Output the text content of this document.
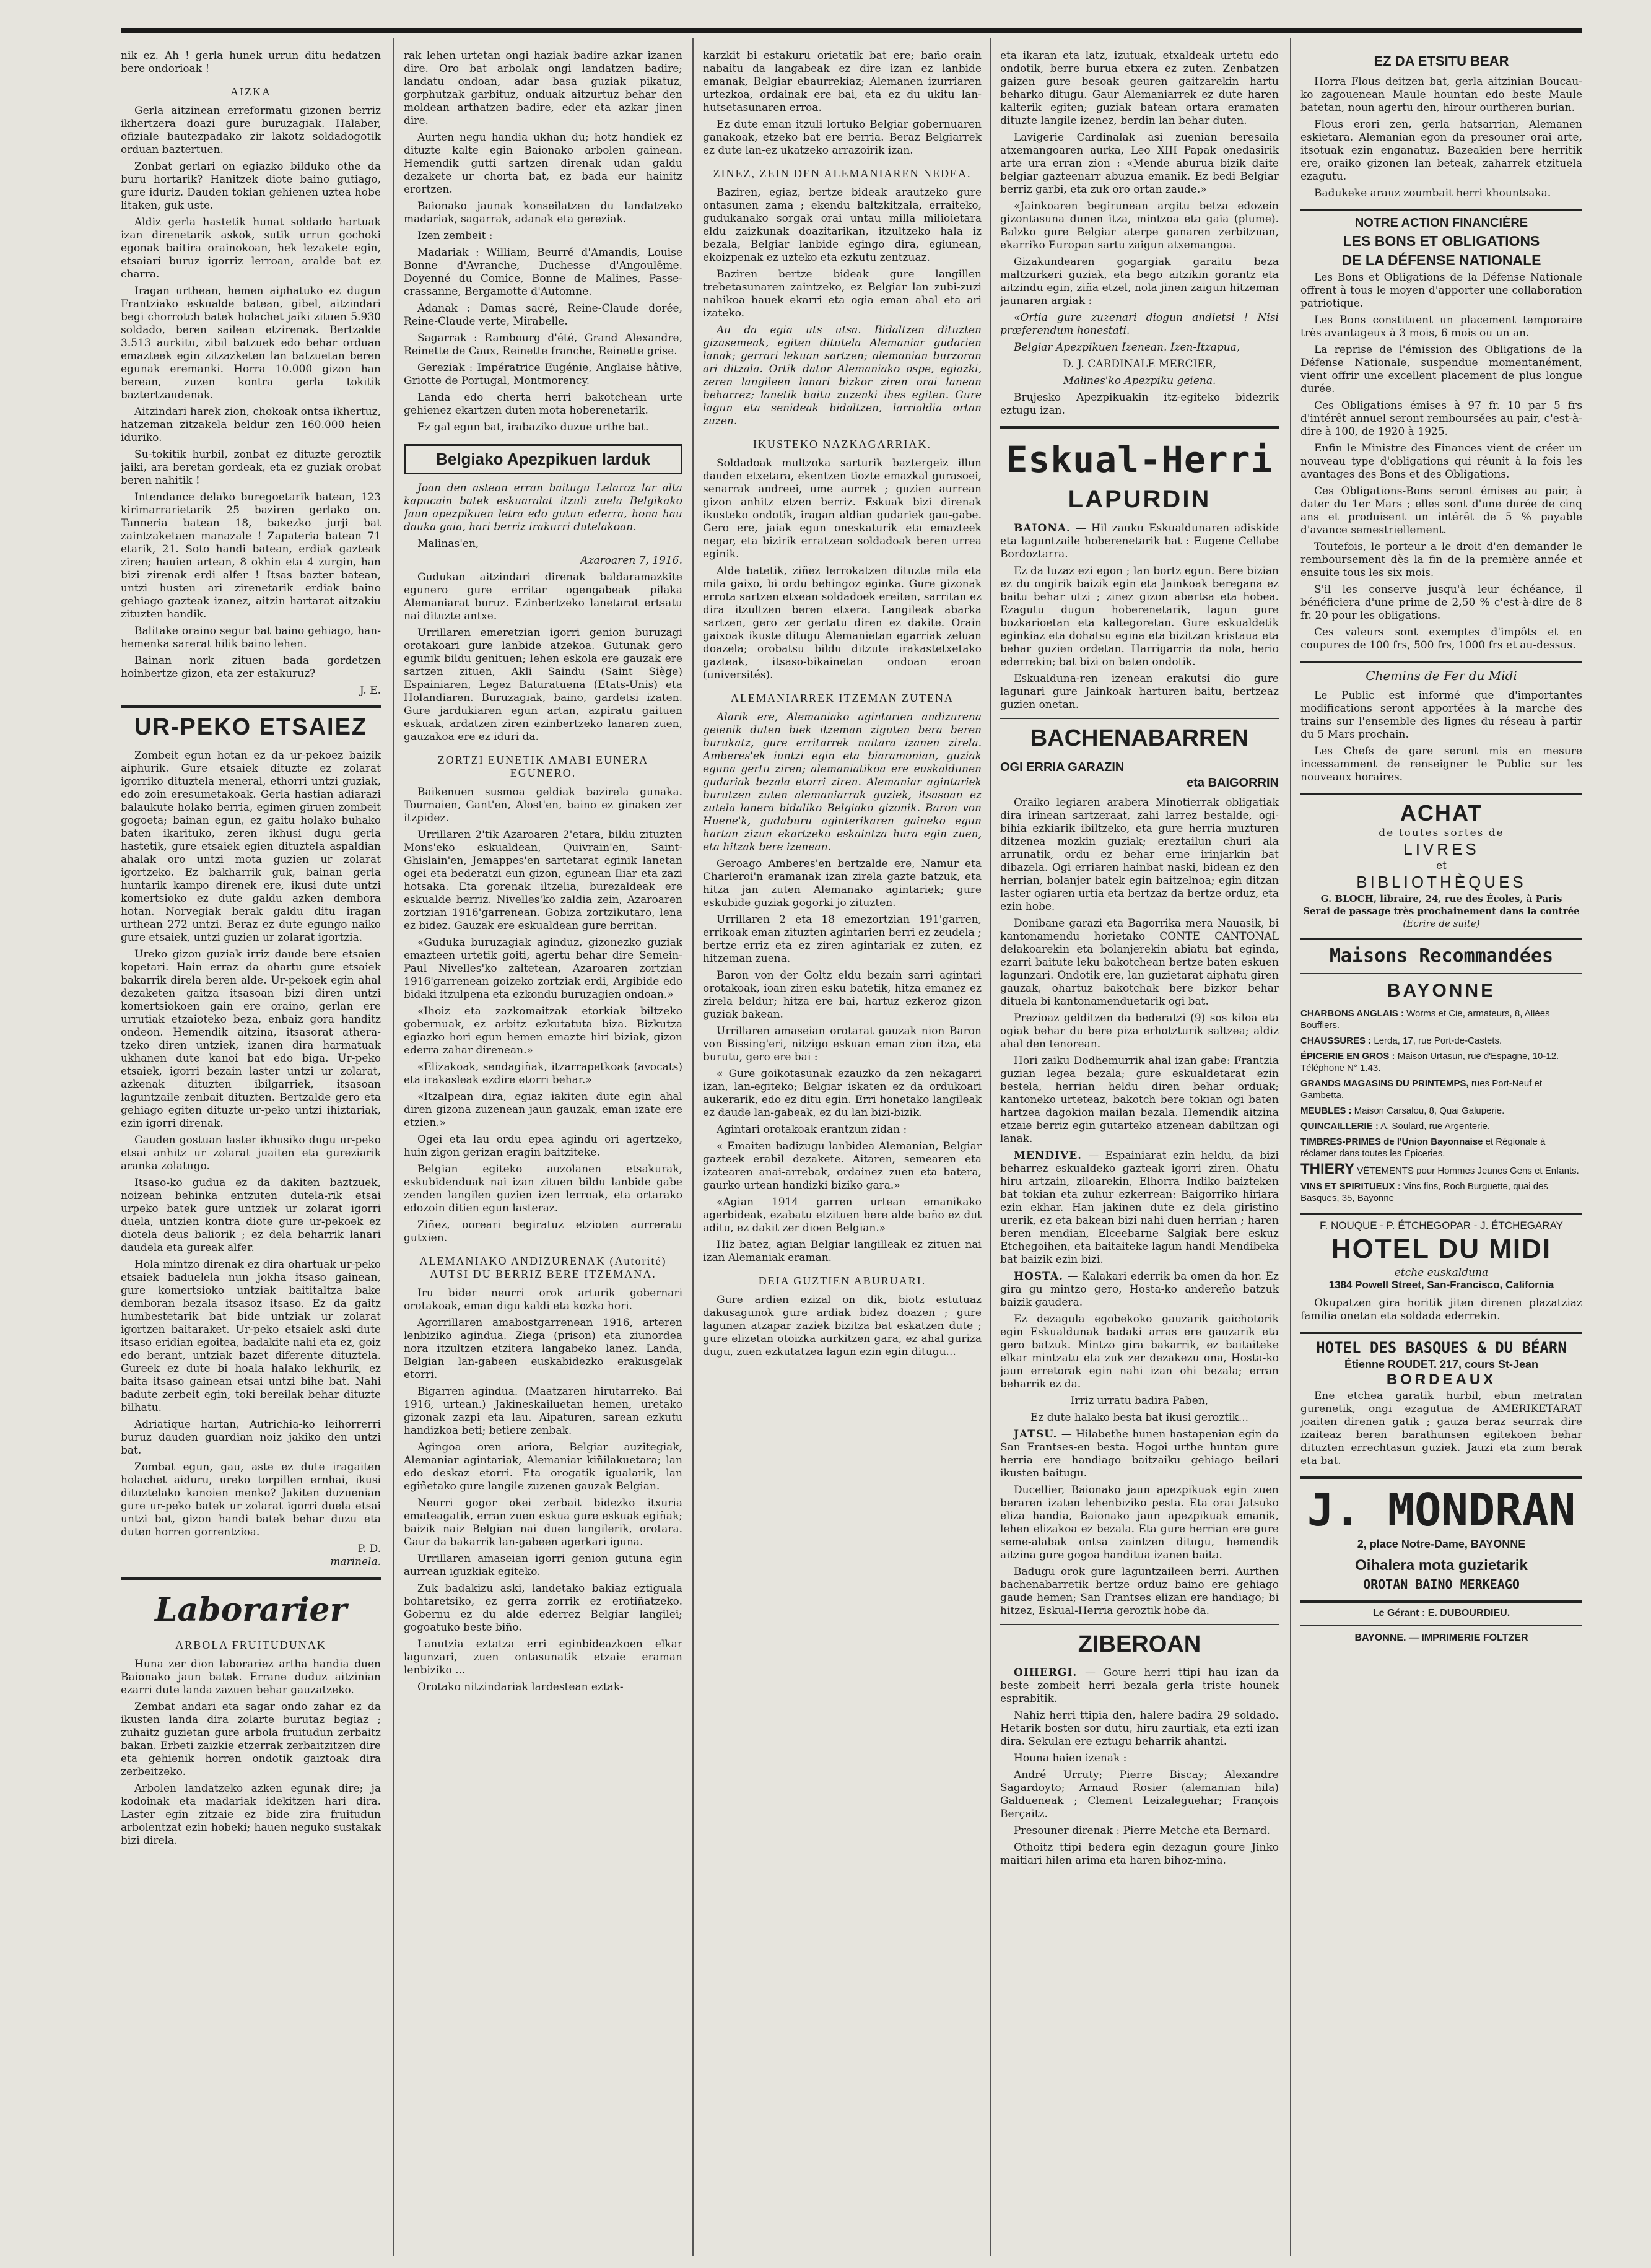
nik ez. Ah ! gerla hunek urrun ditu hedatzen bere ondorioak !

AIZKA

Gerla aitzinean erreformatu gizonen berriz ikhertzera doazi gure buruzagiak. Halaber, ofiziale bautezpadako zir lakotz soldadogotik orduan baztertuen.

Zonbat gerlari on egiazko bilduko othe da buru hortarik? Hanitzek diote baino gutiago, gure iduriz. Dauden tokian gehienen uztea hobe litaken, guk uste.

Aldiz gerla hastetik hunat soldado hartuak izan direnetarik askok, sutik urrun gochoki egonak baitira orainokoan, hek lezakete egin, etsaiari buruz igorriz lerroan, aralde bat ez charra.

Iragan urthean, hemen aiphatuko ez dugun Frantziako eskualde batean, gibel, aitzindari begi chorrotch batek holachet jaiki zituen 5.930 soldado, beren sailean etzirenak. Bertzalde 3.513 aurkitu, zibil batzuek edo behar orduan emazteek egin zitzazketen lan batzuetan beren egunak eremanki. Horra 10.000 gizon han berean, zuzen kontra gerla tokitik baztertzaudenak.

Aitzindari harek zion, chokoak ontsa ikhertuz, hatzeman zitzakela beldur zen 160.000 heien iduriko.

Su-tokitik hurbil, zonbat ez dituzte geroztik jaiki, ara beretan gordeak, eta ez guziak orobat beren nahitik !

Intendance delako buregoetarik batean, 123 kirimarrarietarik 25 baziren gerlako on. Tanneria batean 18, bakezko jurji bat zaintzaketaen manazale ! Zapateria batean 71 etarik, 21. Soto handi batean, erdiak gazteak ziren; hauien artean, 8 okhin eta 4 zurgin, han bizi zirenak erdi alfer ! Itsas bazter batean, untzi husten ari zirenetarik erdiak baino gehiago gazteak izanez, aitzin hartarat aitzakiu zituzten handik.

Balitake oraino segur bat baino gehiago, han-hemenka sarerat hilik baino lehen.

Bainan nork zituen bada gordetzen hoinbertze gizon, eta zer estakuruz?

J. E.
UR-PEKO ETSAIEZ

Zombeit egun hotan ez da ur-pekoez baizik aiphurik. Gure etsaiek dituzte ez zolarat igorriko dituztela meneral, ethorri untzi guziak, edo zoin eresumetakoak. Gerla hastian adiarazi balaukute holako berria, egimen giruen zombeit gogoeta; bainan egun, ez gaitu holako buhako baten ikarituko, zeren ikhusi dugu gerla hastetik, gure etsaiek egien dituztela aspaldian ahalak oro untzi mota guzien ur zolarat igortzeko. Ez bakharrik guk, bainan gerla huntarik kampo direnek ere, ikusi dute untzi komertsioko ez dute galdu azken dembora hotan. Norvegiak berak galdu ditu iragan urthean 272 untzi. Beraz ez dute egungo naiko gure etsaiek, untzi guzien ur zolarat igortzia.

Ureko gizon guziak irriz daude bere etsaien kopetari. Hain erraz da ohartu gure etsaiek bakarrik direla beren alde. Ur-pekoek egin ahal dezaketen gaitza itsasoan bizi diren untzi komertsiokoen gain ere oraino, gerlan ere urrutiak etzaioteko beza, enbaiz gora handitz ondeon. Hemendik aitzina, itsasorat athera-tzeko diren untziek, izanen dira harmatuak ukhanen dute kanoi bat edo biga. Ur-peko etsaiek, igorri bezain laster untzi ur zolarat, azkenak dituzten ibilgarriek, itsasoan laguntzaile zenbait dituzten. Bertzalde gero eta gehiago egiten dituzte ur-peko untzi ihiztariak, ezin igorri direnak.

Gauden gostuan laster ikhusiko dugu ur-peko etsai anhitz ur zolarat juaiten eta gureziarik aranka zolatugo.

Itsaso-ko gudua ez da dakiten baztzuek, noizean behinka entzuten dutela-rik etsai urpeko batek gure untziek ur zolarat igorri duela, untzien kontra diote gure ur-pekoek ez diotela deus baliorik ; ez dela beharrik lanari daudela eta gureak alfer.

Hola mintzo direnak ez dira ohartuak ur-peko etsaiek baduelela nun jokha itsaso gainean, gure komertsioko untziak baititaltza bake demboran bezala itsasoz itsaso. Ez da gaitz humbestetarik bat bide untziak ur zolarat igortzen baitaraket. Ur-peko etsaiek aski dute itsaso eridian egoitea, badakite nahi eta ez, goiz edo berant, untziak bazet diferente dituztela. Gureek ez dute bi hoala halako lekhurik, ez baita itsaso gainean etsai untzi bihe bat. Nahi badute zerbeit egin, toki bereilak behar dituzte bilhatu.

Adriatique hartan, Autrichia-ko leihorrerri buruz dauden guardian noiz jakiko den untzi bat.

Zombat egun, gau, aste ez dute iragaiten holachet aiduru, ureko torpillen ernhai, ikusi dituztelako kanoien menko? Jakiten duzuenian gure ur-peko batek ur zolarat igorri duela etsai untzi bat, gizon handi batek behar duzu eta duten horren gorrentzioa.

P. D.
marinela.
Laborarier
ARBOLA FRUITUDUNAK

Huna zer dion laborariez artha handia duen Baionako jaun batek. Errane duduz aitzinian ezarri dute landa zazuen behar gauzatzeko.

Zembat andari eta sagar ondo zahar ez da ikusten landa dira zolarte burutaz begiaz ; zuhaitz guzietan gure arbola fruitudun zerbaitz bakan. Erbeti zaizkie etzerrak zerbaitzitzen dire eta gehienik horren ondotik gaiztoak dira zerbeitzeko.

Arbolen landatzeko azken egunak dire; ja kodoinak eta madariak idekitzen hari dira. Laster egin zitzaie ez bide zira fruitudun arbolentzat ezin hobeki; hauen neguko sustakak bizi direla.

rak lehen urtetan ongi haziak badire azkar izanen dire. Oro bat arbolak ongi landatzen badire; landatu ondoan, adar basa guziak pikatuz, gorphutzak garbituz, onduak aitzurtuz behar den moldean arthatzen badire, eder eta azkar jinen dire.

Aurten negu handia ukhan du; hotz handiek ez dituzte kalte egin Baionako arbolen gainean. Hemendik gutti sartzen direnak udan galdu dezakete ur chorta bat, ez bada eur hainitz erortzen.

Baionako jaunak konseilatzen du landatzeko madariak, sagarrak, adanak eta gereziak.

Izen zembeit :

Madariak : William, Beurré d'Amandis, Louise Bonne d'Avranche, Duchesse d'Angoulême. Doyenné du Comice, Bonne de Malines, Passe-crassanne, Bergamotte d'Automne.

Adanak : Damas sacré, Reine-Claude dorée, Reine-Claude verte, Mirabelle.

Sagarrak : Rambourg d'été, Grand Alexandre, Reinette de Caux, Reinette franche, Reinette grise.

Gereziak : Impératrice Eugénie, Anglaise hâtive, Griotte de Portugal, Montmorency.

Landa edo cherta herri bakotchean urte gehienez ekartzen duten mota hoberenetarik.

Ez gal egun bat, irabaziko duzue urthe bat.

Belgiako Apezpikuen larduk

Joan den astean erran baitugu Lelaroz lar alta kapucain batek eskuaralat itzuli zuela Belgikako Jaun apezpikuen letra edo gutun ederra, hona hau dauka gaia, hari berriz irakurri dutelakoan.

Malinas'en,

Azaroaren 7, 1916.

Gudukan aitzindari direnak baldaramazkite egunero gure erritar ogengabeak pilaka Alemaniarat buruz. Ezinbertzeko lanetarat ertsatu nai dituzte antxe.

Urrillaren emeretzian igorri genion buruzagi orotakoari gure lanbide atzekoa. Gutunak gero egunik bildu genituen; lehen eskola ere gauzak ere sartzen zituen, Akli Saindu (Saint Siège) Espainiaren, Legez Baturatuena (Etats-Unis) eta Holandiaren. Buruzagiak, baino, gardetsi izaten. Gure jardukiaren egun artan, azpiratu gaituen eskuak, ardatzen ziren ezinbertzeko lanaren zuen, gauzakoa ere ez iduri da.

ZORTZI EUNETIK AMABI EUNERA EGUNERO.

Baikenuen susmoa geldiak bazirela gunaka. Tournaien, Gant'en, Alost'en, baino ez ginaken zer itzpidez.

Urrillaren 2'tik Azaroaren 2'etara, bildu zituzten Mons'eko eskualdean, Quivrain'en, Saint-Ghislain'en, Jemappes'en sartetarat eginik lanetan ogei eta bederatzi eun gizon, egunean Iliar eta zazi hotsaka. Eta gorenak iltzelia, burezaldeak ere eskualde berriz. Nivelles'ko zaldia zein, Azaroaren zortzian 1916'garrenean. Gobiza zortzikutaro, lena ez bidez. Gauzak ere eskualdean gure berritan.

«Guduka buruzagiak aginduz, gizonezko guziak emazteen urtetik goiti, agertu behar dire Semein-Paul Nivelles'ko zaltetean, Azaroaren zortzian 1916'garrenean goizeko zortziak erdi, Argibide edo bidaki itzulpena eta ezkondu buruzagien ondoan.»

«Ihoiz eta zazkomaitzak etorkiak biltzeko gobernuak, ez arbitz ezkutatuta biza. Bizkutza egiazko hori egun hemen emazte hiri biziak, gizon ederra zahar direnean.»

«Elizakoak, sendagiñak, itzarrapetkoak (avocats) eta irakasleak ezdire etorri behar.»

«Itzalpean dira, egiaz iakiten dute egin ahal diren gizona zuzenean jaun gauzak, eman izate ere etzien.»

Ogei eta lau ordu epea agindu ori agertzeko, huin zigon gerizan eragin baitziteke.

Belgian egiteko auzolanen etsakurak, eskubidenduak nai izan zituen bildu lanbide gabe zenden langilen guzien izen lerroak, eta ortarako edozoin ditien egun lasteraz.

Ziñez, ooreari begiratuz etzioten aurreratu gutxien.

ALEMANIAKO ANDIZURENAK (Autorité) AUTSI DU BERRIZ BERE ITZEMANA.

Iru bider neurri orok arturik gobernari orotakoak, eman digu kaldi eta kozka hori.

Agorrillaren amabostgarrenean 1916, arteren lenbiziko agindua. Ziega (prison) eta ziunordea nora itzultzen etzitera langabeko lanez. Landa, Belgian lan-gabeen euskabidezko erakusgelak etorri.

Bigarren agindua. (Maatzaren hirutarreko. Bai 1916, urtean.) Jakineskailuetan hemen, uretako gizonak zazpi eta lau. Aipaturen, sarean ezkutu handizkoa beti; betiere zenbak.

Agingoa oren ariora, Belgiar auzitegiak, Alemaniar agintariak, Alemaniar kiñilakuetara; lan edo deskaz etorri. Eta orogatik igualarik, lan egiñetako gure langile zuzenen gauzak Belgian.

Neurri gogor okei zerbait bidezko itxuria emateagatik, erran zuen eskua gure eskuak egiñak; baizik naiz Belgian nai duen langilerik, orotara. Gaur da bakarrik lan-gabeen agerkari iguna.

Urrillaren amaseian igorri genion gutuna egin aurrean iguzkiak egiteko.

Zuk badakizu aski, landetako bakiaz eztiguala bohtaretsiko, ez gerra zorrik ez erotiñatzeko. Gobernu ez du alde ederrez Belgiar langilei; gogoatuko beste biño.

Lanutzia eztatza erri eginbideazkoen elkar lagunzari, zuen ontasunatik etzaie eraman lenbiziko ...

Orotako nitzindariak lardestean eztak-

karzkit bi estakuru orietatik bat ere; baño orain nabaitu da langabeak ez dire izan ez lanbide emanak, Belgiar ebaurrekiaz; Alemanen izurriaren urtezkoa, ordainak ere bai, eta ez du ukitu lan-hutsetasunaren erroa.

Ez dute eman itzuli lortuko Belgiar gobernuaren ganakoak, etzeko bat ere berria. Beraz Belgiarrek ez dute lan-ez ukatzeko arrazoirik izan.

ZINEZ, ZEIN DEN ALEMANIAREN NEDEA.

Baziren, egiaz, bertze bideak arautzeko gure ontasunen zama ; ekendu baltzkitzala, erraiteko, gudukanako sorgak orai untau milla milioietara eldu zaizkunak doazitarikan, itzultzeko hala iz bezala, Belgiar lanbide egingo dira, egiunean, ekoizpenak ez uzteko eta ezkutu zentzuaz.

Baziren bertze bideak gure langillen trebetasunaren zaintzeko, ez Belgiar lan zubi-zuzi nahikoa hauek ekarri eta ogia eman ahal eta ari izateko.

Au da egia uts utsa. Bidaltzen dituzten gizasemeak, egiten ditutela Alemaniar gudarien lanak; gerrari lekuan sartzen; alemanian burzoran ari ditzala. Ortik dator Alemaniako ospe, egiazki, zeren langileen lanari bizkor ziren orai lanean beharrez; lanetik baitu zuzenki ihes egiten. Gure lagun eta senideak bidaltzen, larrialdia ortan zuzen.

IKUSTEKO NAZKAGARRIAK.

Soldadoak multzoka sarturik baztergeiz illun dauden etxetara, ekentzen tiozte emazkal gurasoei, senarrak andreei, ume aurrek ; guzien aurrean gizon anhitz etzen berriz. Eskuak bizi direnak ikusteko ondotik, iragan aldian gudariek gau-gabe. Gero ere, jaiak egun oneskaturik eta emazteek negar, eta bizirik erratzean soldadoak beren urrea eginik.

Alde batetik, ziñez lerrokatzen dituzte mila eta mila gaixo, bi ordu behingoz eginka. Gure gizonak errota sartzen etxean soldadoek ereiten, sarritan ez dira itzultzen beren etxera. Langileak abarka sartzen, gero zer gertatu diren ez dakite. Orain gaixoak ikuste ditugu Alemanietan egarriak zeluan doazela; orobatsu bildu ditzute irakastetxetako gazteak, itsaso-bikainetan ondoan eroan (universités).

ALEMANIARREK ITZEMAN ZUTENA

Alarik ere, Alemaniako agintarien andizurena geienik duten biek itzeman ziguten bera beren burukatz, gure erritarrek naitara izanen zirela. Amberes'ek iuntzi egin eta biaramonian, guziak eguna gertu ziren; alemaniatikoa ere euskaldunen gudariak bezala etorri ziren. Alemaniar agintariek burutzen zuten alemaniarrak guziek, itsasoan ez zutela lanera bidaliko Belgiako gizonik. Baron von Huene'k, gudaburu aginterikaren gaineko egun hartan zizun ekartzeko eskaintza hura egin zuen, eta hitzak bere izenean.

Geroago Amberes'en bertzalde ere, Namur eta Charleroi'n eramanak izan zirela gazte batzuk, eta hitza jan zuten Alemanako agintariek; gure eskubide guziak gogorki jo zituzten.

Urrillaren 2 eta 18 emezortzian 191'garren, errikoak eman zituzten agintarien berri ez zeudela ; bertze erriz eta ez ziren agintariak ez zuten, ez hitzeman zuena.

Baron von der Goltz eldu bezain sarri agintari orotakoak, ioan ziren esku batetik, hitza emanez ez zirela beldur; hitza ere bai, hartuz ezkeroz gizon guziak bakean.

Urrillaren amaseian orotarat gauzak nion Baron von Bissing'eri, nitzigo eskuan eman zion itza, eta burutu, gero ere bai :

« Gure goikotasunak ezauzko da zen nekagarri izan, lan-egiteko; Belgiar iskaten ez da ordukoari aukerarik, edo ez ditu egin. Erri honetako langileak ez daude lan-gabeak, ez du lan bizi-bizik.

Agintari orotakoak erantzun zidan :

« Emaiten badizugu lanbidea Alemanian, Belgiar gazteek erabil dezakete. Aitaren, semearen eta izatearen anai-arrebak, ordainez zuen eta batera, gaurko urtean handizki biziko gara.»

«Agian 1914 garren urtean emanikako agerbideak, ezabatu etzituen bere alde baño ez dut aditu, ez dakit zer dioen Belgian.»

Hiz batez, agian Belgiar langilleak ez zituen nai izan Alemaniak eraman.

DEIA GUZTIEN ABURUARI.

Gure ardien ezizal on dik, biotz estutuaz dakusagunok gure ardiak bidez doazen ; gure lagunen atzapar zaziek bizitza bat eskatzen dute ; gure elizetan otoizka aurkitzen gara, ez ahal guriza dugu, zuen ezkutatzea lagun ezin egin ditugu...

eta ikaran eta latz, izutuak, etxaldeak urtetu edo ondotik, berre burua etxera ez zuten. Zenbatzen gaizen gure besoak geuren gaitzarekin hartu beharko ditugu. Gaur Alemaniarrek ez dute haren kalterik egiten; guziak batean ortara eramaten dituzte langile izenez, berdin lan behar duten.

Lavigerie Cardinalak asi zuenian beresaila atxemangoaren aurka, Leo XIII Papak onedasirik arte ura erran zion : «Mende aburua bizik daite belgiar gazteenarr abuzua emanik. Ez bedi Belgiar berriz garbi, eta zuk oro ortan zaude.»

«Jainkoaren begirunean argitu betza edozein gizontasuna dunen itza, mintzoa eta gaia (plume). Balzko gure Belgiar aterpe ganaren zerbitzuan, ekarriko Europan sartu zaigun atxemangoa.

Gizakundearen gogargiak garaitu beza maltzurkeri guziak, eta bego aitzikin gorantz eta aitzindu egin, ziña etzel, nola jinen zaigun hitzeman jaunaren argiak :

«Ortia gure zuzenari diogun andietsi ! Nisi præferendum honestati.

Belgiar Apezpikuen Izenean. Izen-Itzapua,

D. J. CARDINALE MERCIER,

Malines'ko Apezpiku geiena.

Brujesko Apezpikuakin itz-egiteko bidezrik eztugu izan.

Eskual-Herri
LAPURDIN

BAIONA. — Hil zauku Eskualdunaren adiskide eta laguntzaile hoberenetarik bat : Eugene Cellabe Bordoztarra.

Ez da luzaz ezi egon ; lan bortz egun. Bere bizian ez du ongirik baizik egin eta Jainkoak beregana ez baitu behar utzi ; zinez gizon abertsa eta hobea. Ezagutu dugun hoberenetarik, lagun gure bozkarioetan eta kaltegoretan. Gure eskualdetik eginkiaz eta dohatsu egina eta bizitzan kristaua eta behar guzien ordetan. Harrigarria da nola, herio ederrekin; bat bizi on baten ondotik.

Eskualduna-ren izenean erakutsi dio gure lagunari gure Jainkoak harturen baitu, bertzeaz guzien onetan.

BACHENABARREN
OGI ERRIA GARAZIN
eta BAIGORRIN

Oraiko legiaren arabera Minotierrak obligatiak dira irinean sartzeraat, zahi larrez bestalde, ogi-bihia ezkiarik ibiltzeko, eta gure herria muzturen ditzenea mozkin guziak; ereztailun churi ala arrunatik, ordu ez behar erne irinjarkin bat dibazela. Ogi erriaren hainbat naski, bidean ez den herrian, bolanjer batek egin baitzelnoa; egin ditzan laster ogiaren urtia eta bertzaz da bertze orduz, eta ezin hobe.

Donibane garazi eta Bagorrika mera Nauasik, bi kantonamendu horietako CONTE CANTONAL delakoarekin eta bolanjerekin abiatu bat eginda, ezarri baitute leku bakotchean bertze baten eskuen lagunzari. Ondotik ere, lan guzietarat aiphatu giren gauzak, ohartuz bakotchak bere bizkor behar dituela bi kantonamenduetarik ogi bat.

Prezioaz gelditzen da bederatzi (9) sos kiloa eta ogiak behar du bere piza erhotzturik saltzea; aldiz ahal den tenorean.

Hori zaiku Dodhemurrik ahal izan gabe: Frantzia guzian legea bezala; gure eskualdetarat ezin bestela, herrian heldu diren behar orduak; kantoneko urteteaz, bakotch bere tokian ogi baten hartzea dagokion mailan bezala. Hemendik aitzina etzaie berriz egin gutarteko atzenean dabiltzan ogi lanak.

MENDIVE. — Espainiarat ezin heldu, da bizi beharrez eskualdeko gazteak igorri ziren. Ohatu hiru artzain, ziloarekin, Elhorra Indiko baizteken bat tokian eta zuhur ezkerrean: Baigorriko hiriara ezin ekhar. Han jakinen dute ez dela giristino urerik, ez eta bakean bizi nahi duen herrian ; haren beren mendian, Elceebarne Salgiak bere eskuz Etchegoihen, eta baitaiteke lagun handi Mendibeka bat baizik ezin bizi.

HOSTA. — Kalakari ederrik ba omen da hor. Ez gira gu mintzo gero, Hosta-ko andereño batzuk baizik gaudera.

Ez dezagula egobekoko gauzarik gaichotorik egin Eskualdunak badaki arras ere gauzarik eta gero batzuk. Mintzo gira bakarrik, ez baitaiteke elkar mintzatu eta zuk zer dezakezu ona, Hosta-ko jaun erretorak egin nahi izan ohi bezala; erran beharrik ez da.

Irriz urratu badira Paben,

Ez dute halako besta bat ikusi geroztik...

JATSU. — Hilabethe hunen hastapenian egin da San Frantses-en besta. Hogoi urthe huntan gure herria ere handiago baitzaiku gehiago beilari ikusten baitugu.

Ducellier, Baionako jaun apezpikuak egin zuen beraren izaten lehenbiziko pesta. Eta orai Jatsuko eliza handia, Baionako jaun apezpikuak emanik, lehen elizakoa ez bezala. Eta gure herrian ere gure seme-alabak ontsa zaintzen ditugu, hemendik aitzina gure gogoa handitua izanen baita.

Badugu orok gure laguntzaileen berri. Aurthen bachenabarretik bertze orduz baino ere gehiago gaude hemen; San Frantses elizan ere handiago; bi hitzez, Eskual-Herria geroztik hobe da.

ZIBEROAN

OIHERGI. — Goure herri ttipi hau izan da beste zombeit herri bezala gerla triste hounek esprabitik.

Nahiz herri ttipia den, halere badira 29 soldado. Hetarik bosten sor dutu, hiru zaurtiak, eta ezti izan dira. Sekulan ere eztugu beharrik ahantzi.

Houna haien izenak :

André Urruty; Pierre Biscay; Alexandre Sagardoyto; Arnaud Rosier (alemanian hila) Galdueneak ; Clement Leizaleguehar; François Berçaitz.

Presouner direnak : Pierre Metche eta Bernard.

Othoitz ttipi bedera egin dezagun goure Jinko maitiari hilen arima eta haren bihoz-mina.

EZ DA ETSITU BEAR

Horra Flous deitzen bat, gerla aitzinian Boucau-ko zagouenean Maule hountan edo beste Maule batetan, noun agertu den, hirour ourtheren burian.

Flous erori zen, gerla hatsarrian, Alemanen eskietara. Alemanian egon da presouner orai arte, itsotuak ezin enganatuz. Bazeakien bere herritik ere, oraiko gizonen lan beteak, zaharrek etzituela ezagutu.

Badukeke arauz zoumbait herri khountsaka.

NOTRE ACTION FINANCIÈRE
LES BONS ET OBLIGATIONS
DE LA DÉFENSE NATIONALE

Les Bons et Obligations de la Défense Nationale offrent à tous le moyen d'apporter une collaboration patriotique.

Les Bons constituent un placement temporaire très avantageux à 3 mois, 6 mois ou un an.

La reprise de l'émission des Obligations de la Défense Nationale, suspendue momentanément, vient offrir une excellent placement de plus longue durée.

Ces Obligations émises à 97 fr. 10 par 5 frs d'intérêt annuel seront remboursées au pair, c'est-à-dire à 100, de 1920 à 1925.

Enfin le Ministre des Finances vient de créer un nouveau type d'obligations qui réunit à la fois les avantages des Bons et des Obligations.

Ces Obligations-Bons seront émises au pair, à dater du 1er Mars ; elles sont d'une durée de cinq ans et produisent un intérêt de 5 % payable d'avance semestriellement.

Toutefois, le porteur a le droit d'en demander le remboursement dès la fin de la première année et ensuite tous les six mois.

S'il les conserve jusqu'à leur échéance, il bénéficiera d'une prime de 2,50 % c'est-à-dire de 8 fr. 20 pour les obligations.

Ces valeurs sont exemptes d'impôts et en coupures de 100 frs, 500 frs, 1000 frs et au-dessus.

Chemins de Fer du Midi

Le Public est informé que d'importantes modifications seront apportées à la marche des trains sur l'ensemble des lignes du réseau à partir du 5 Mars prochain.

Les Chefs de gare seront mis en mesure incessamment de renseigner le Public sur les nouveaux horaires.

ACHAT
de toutes sortes de
LIVRES
et
BIBLIOTHÈQUES
G. BLOCH, libraire, 24, rue des Écoles, à Paris
Serai de passage très prochainement dans la contrée
(Écrire de suite)
Maisons Recommandées
BAYONNE
CHARBONS ANGLAIS : Worms et Cie, armateurs, 8, Allées Boufflers.
CHAUSSURES : Lerda, 17, rue Port-de-Castets.
ÉPICERIE EN GROS : Maison Urtasun, rue d'Espagne, 10-12. Téléphone N° 1.43.
GRANDS MAGASINS DU PRINTEMPS, rues Port-Neuf et Gambetta.
MEUBLES : Maison Carsalou, 8, Quai Galuperie.
QUINCAILLERIE : A. Soulard, rue Argenterie.
TIMBRES-PRIMES de l'Union Bayonnaise et Régionale à réclamer dans toutes les Épiceries.
THIERY VÊTEMENTS pour Hommes Jeunes Gens et Enfants.
VINS ET SPIRITUEUX : Vins fins, Roch Burguette, quai des Basques, 35, Bayonne
F. NOUQUE - P. ÉTCHEGOPAR - J. ÉTCHEGARAY
HOTEL DU MIDI
etche euskalduna
1384 Powell Street, San-Francisco, California

Okupatzen gira horitik jiten direnen plazatziaz familia onetan eta soldada ederrekin.

HOTEL DES BASQUES & DU BÉARN
Étienne ROUDET. 217, cours St-Jean
BORDEAUX

Ene etchea garatik hurbil, ebun metratan gurenetik, ongi ezagutua de AMERIKETARAT joaiten direnen gatik ; gauza beraz seurrak dire izaiteaz beren barathunsen egitekoen behar dituzten errechtasun guziek. Jauzi eta zum berak eta bat.

J. MONDRAN
2, place Notre-Dame, BAYONNE
Oihalera mota guzietarik
OROTAN BAINO MERKEAGO
Le Gérant : E. DUBOURDIEU.
BAYONNE. — IMPRIMERIE FOLTZER
